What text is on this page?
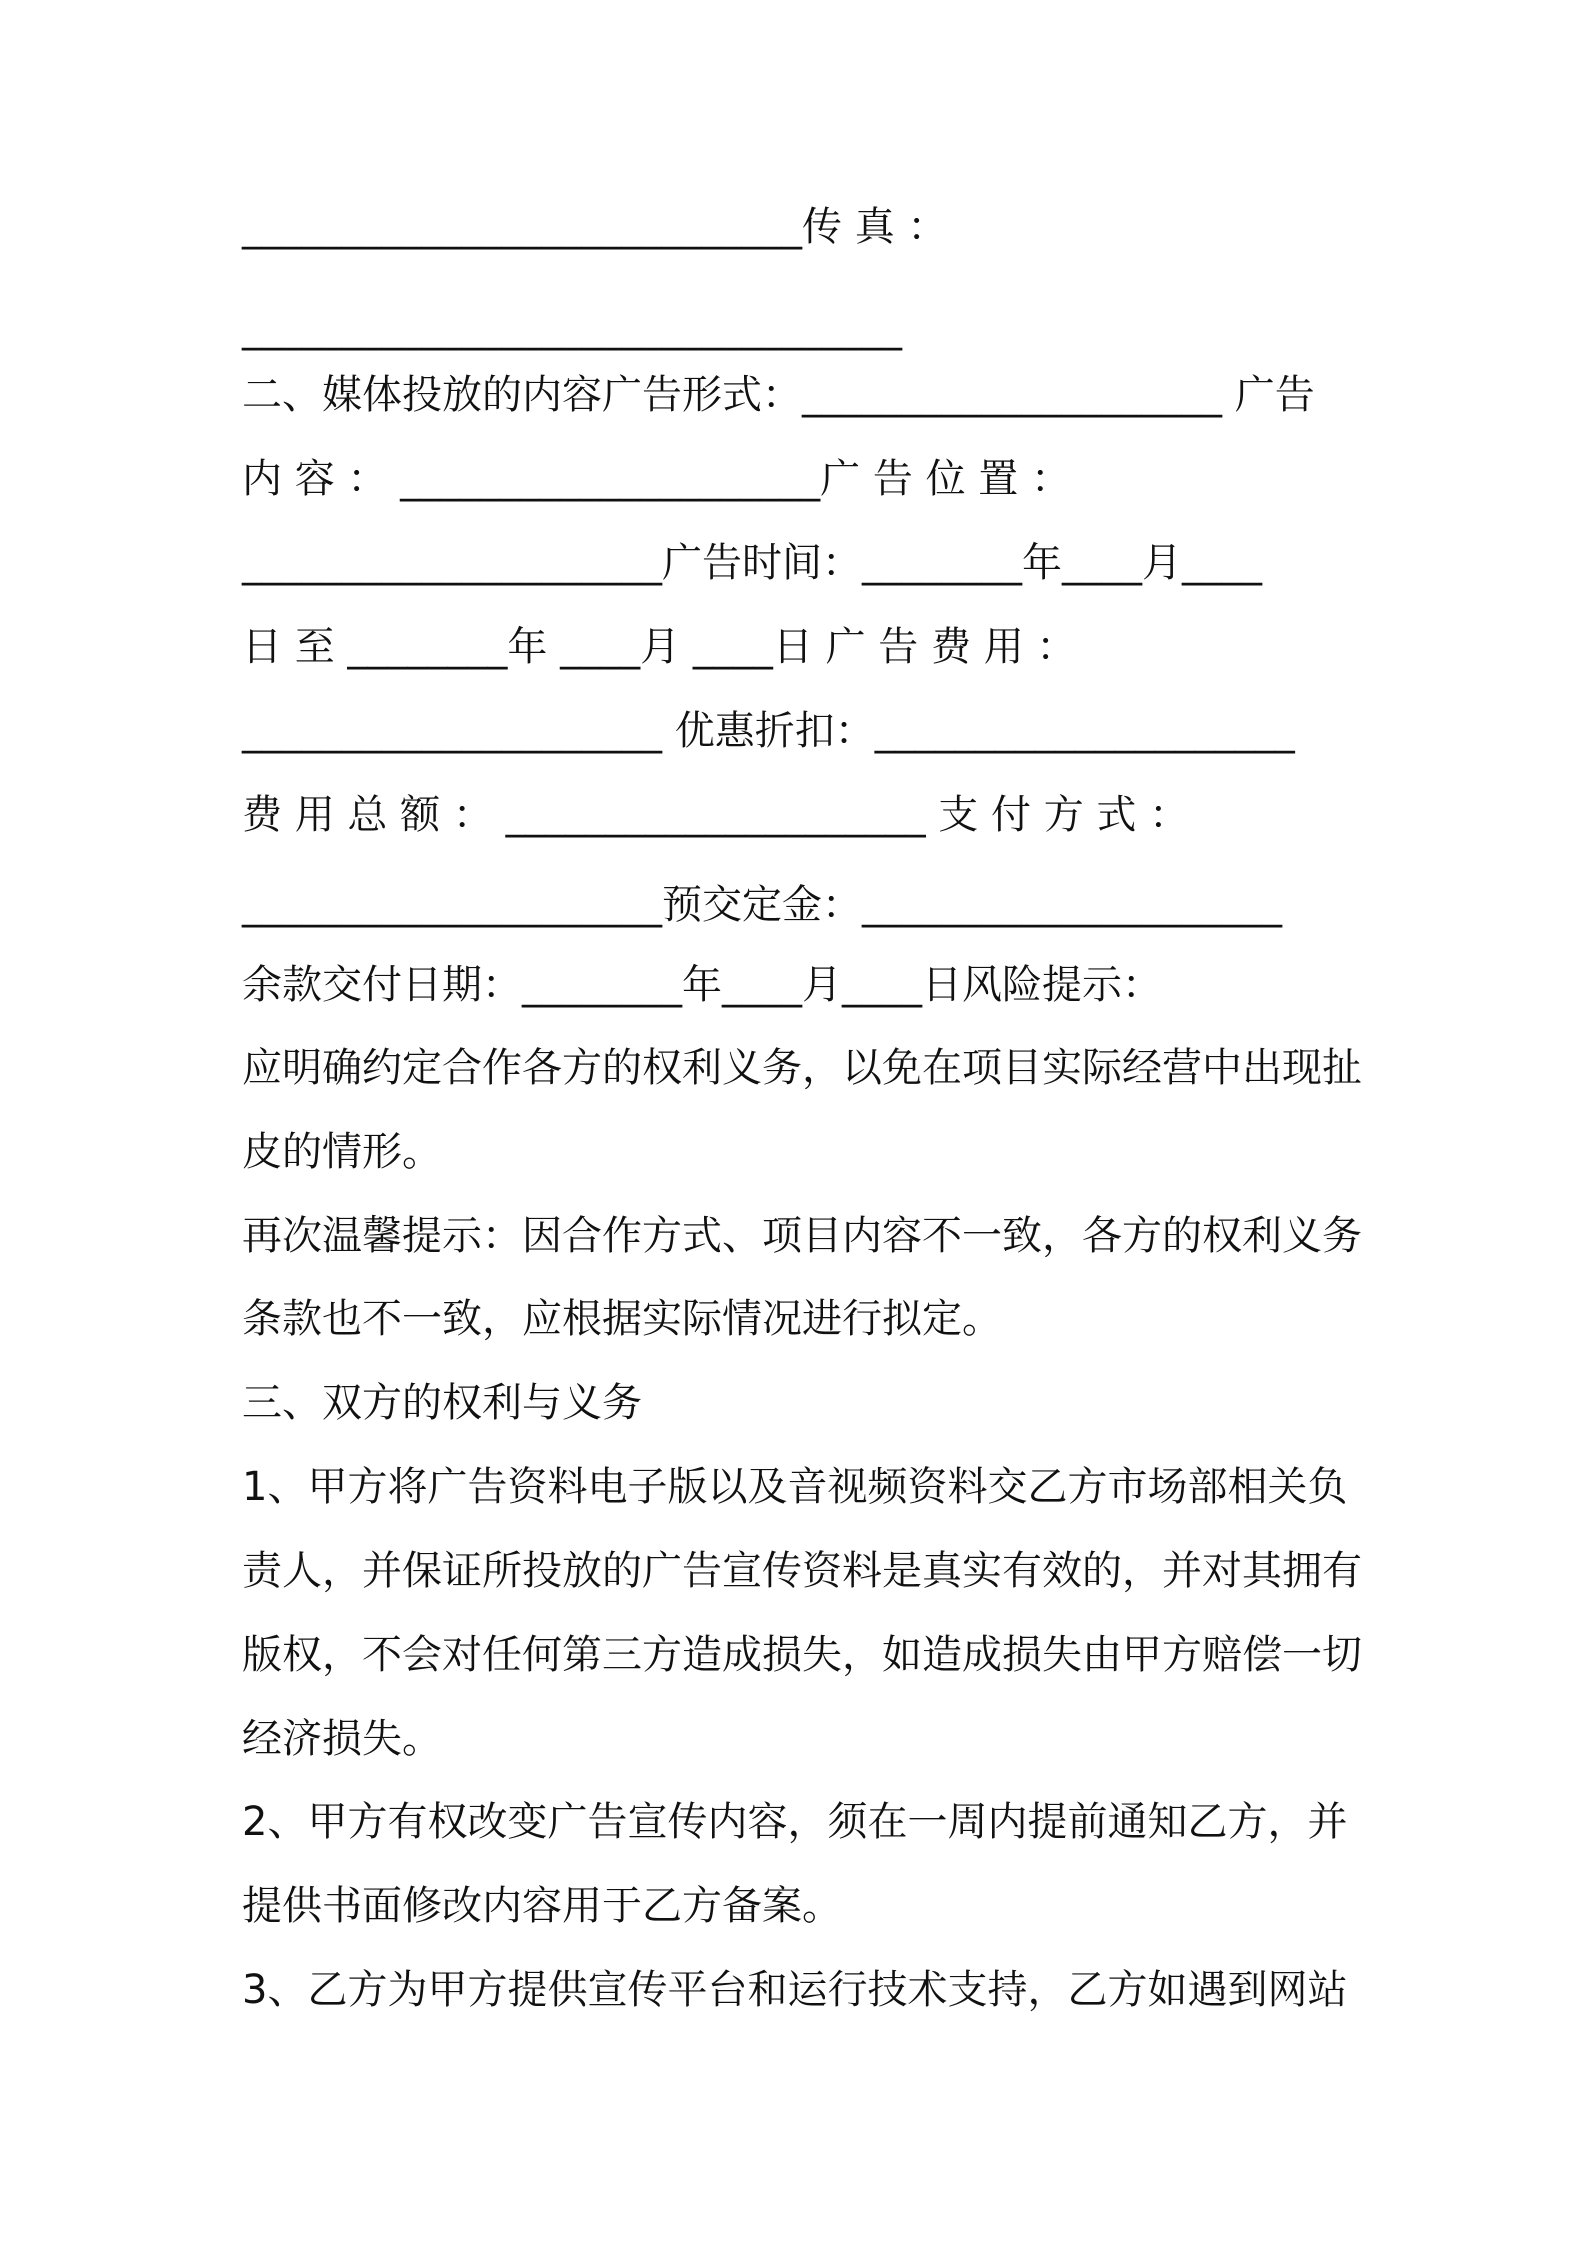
____________________________传 真 ：
_________________________________
二、媒体投放的内容广告形式：_____________________ 广告
内 容 ： _____________________广 告 位 置 ：
_____________________广告时间：________年____月____
日 至 ________年 ____月 ____日 广 告 费 用 ：
_____________________ 优惠折扣：_____________________
费 用 总 额 ： _____________________ 支 付 方 式 ：
_____________________预交定金：_____________________
余款交付日期：________年____月____日风险提示：
应明确约定合作各方的权利义务，以免在项目实际经营中出现扯
皮的情形。
再次温馨提示：因合作方式、项目内容不一致，各方的权利义务
条款也不一致，应根据实际情况进行拟定。
三、双方的权利与义务
1、甲方将广告资料电子版以及音视频资料交乙方市场部相关负
责人，并保证所投放的广告宣传资料是真实有效的，并对其拥有
版权，不会对任何第三方造成损失，如造成损失由甲方赔偿一切
经济损失。
2、甲方有权改变广告宣传内容，须在一周内提前通知乙方，并
提供书面修改内容用于乙方备案。
3、乙方为甲方提供宣传平台和运行技术支持，乙方如遇到网站
